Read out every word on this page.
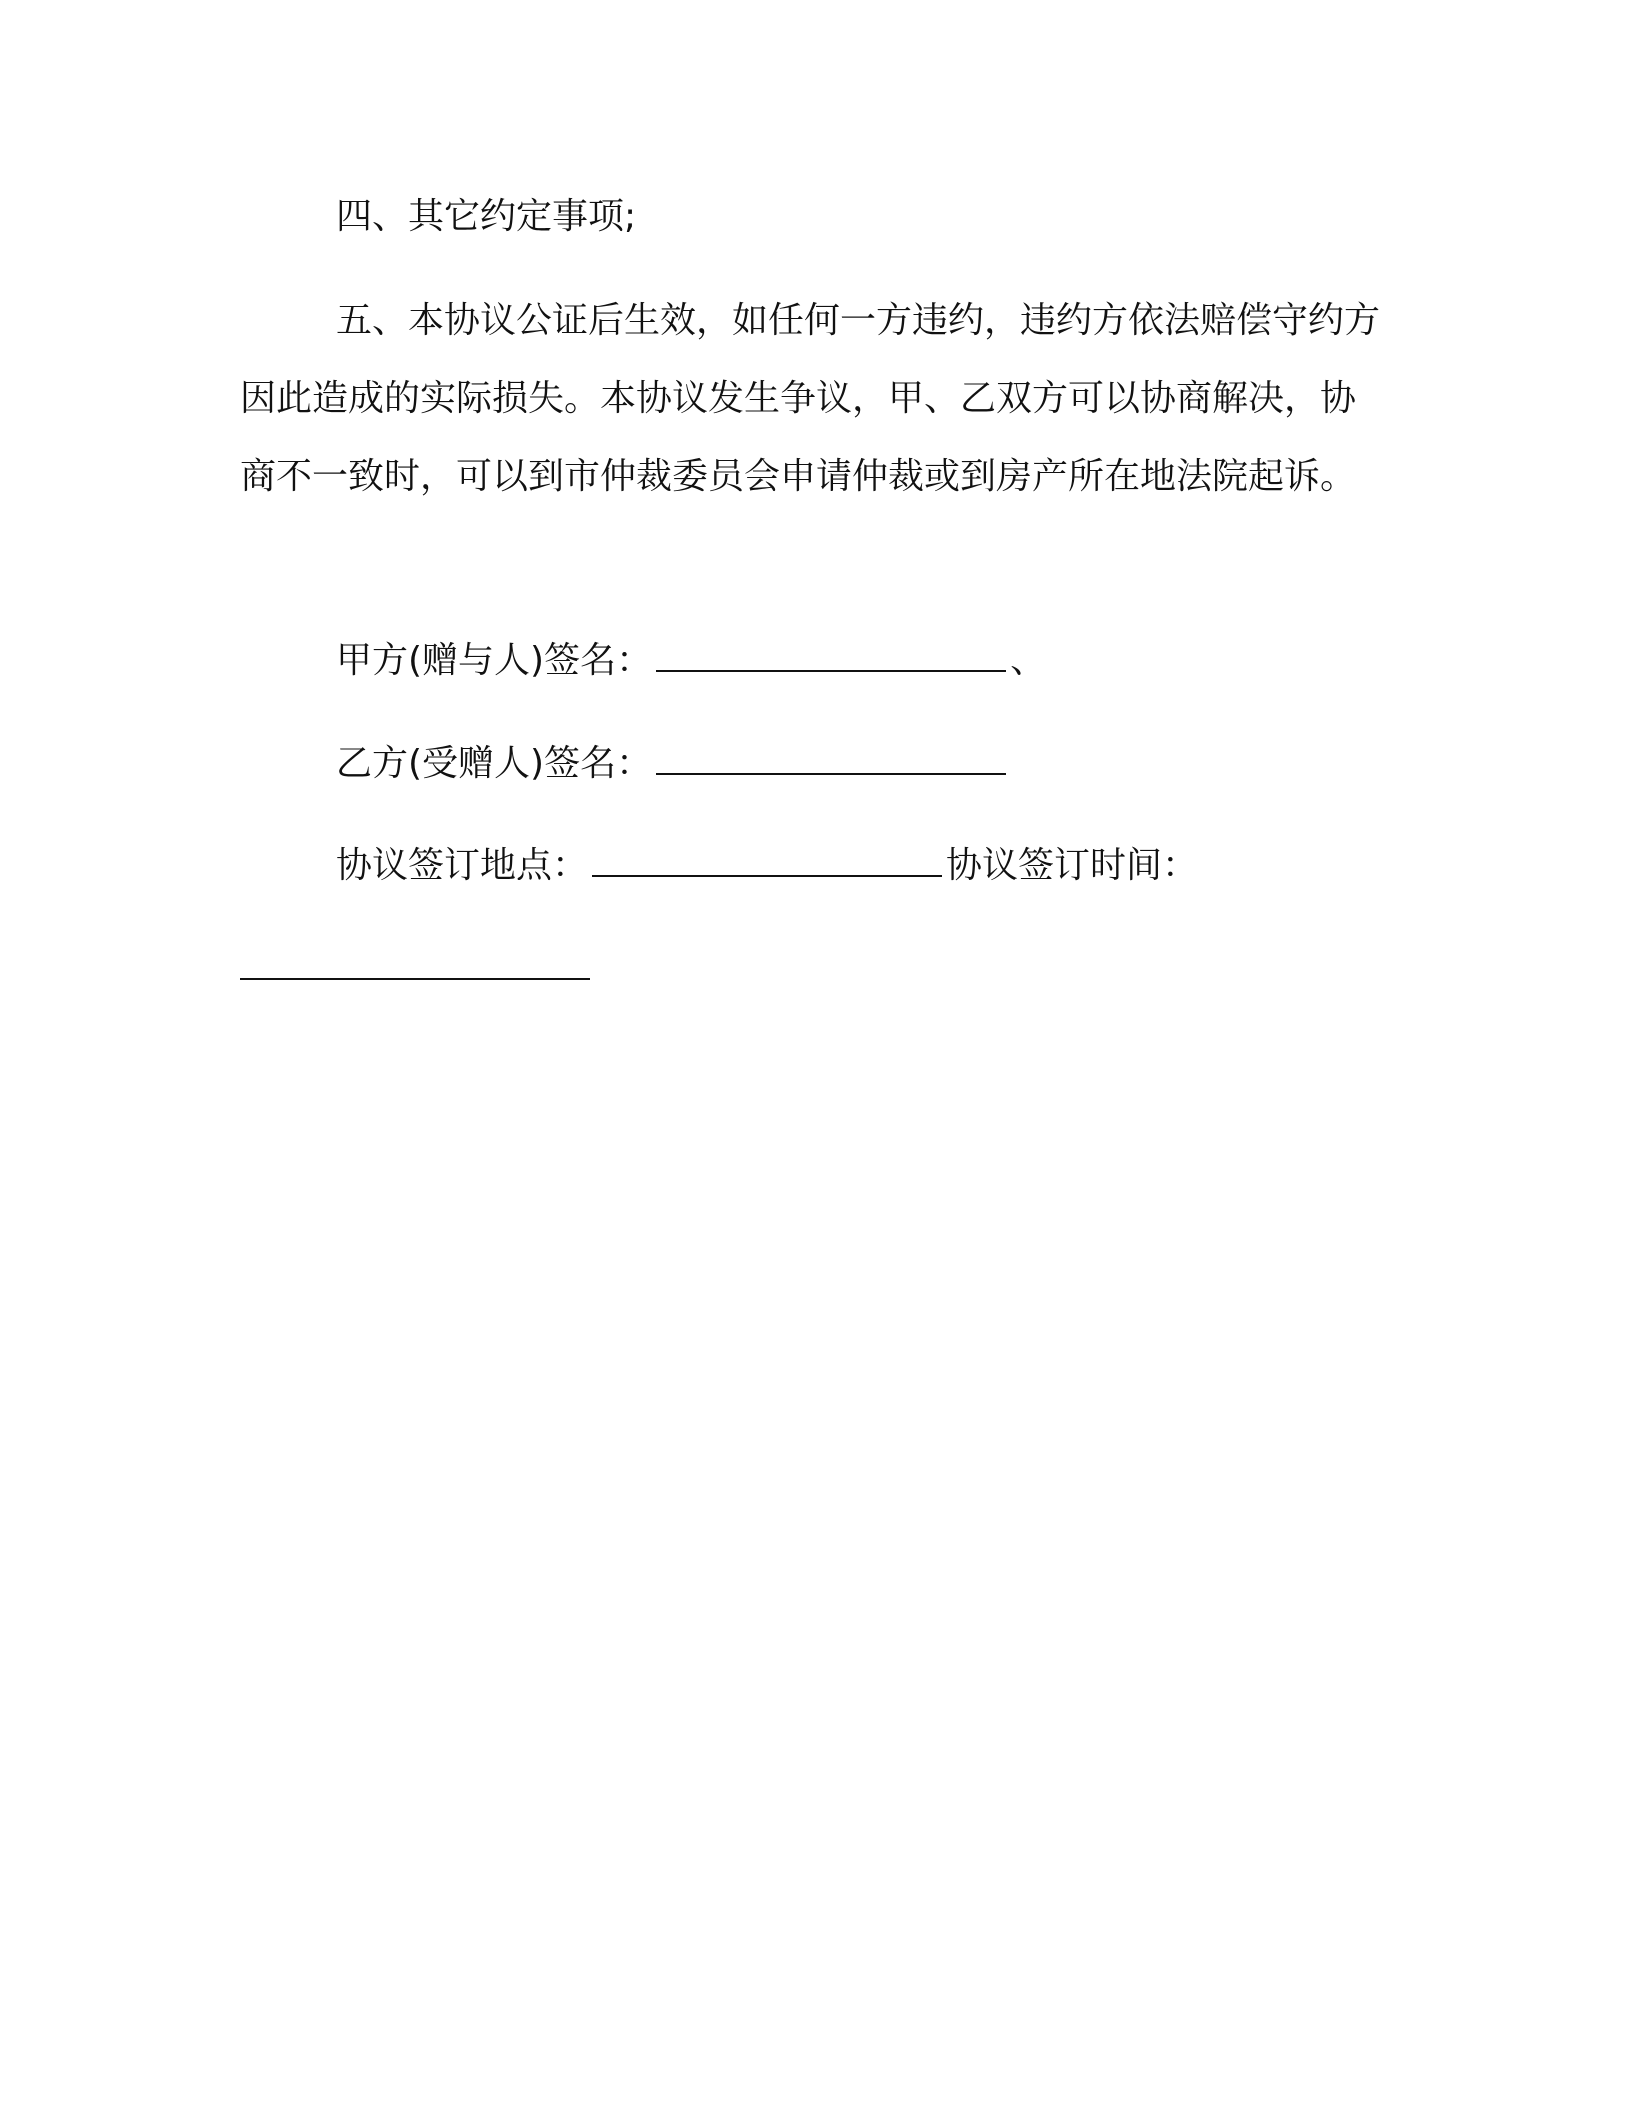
四、其它约定事项;

五、本协议公证后生效，如任何一方违约，违约方依法赔偿守约方因此造成的实际损失。本协议发生争议，甲、乙双方可以协商解决，协商不一致时，可以到市仲裁委员会申请仲裁或到房产所在地法院起诉。

甲方(赠与人)签名：	、

乙方(受赠人)签名：

协议签订地点：	协议签订时间：
